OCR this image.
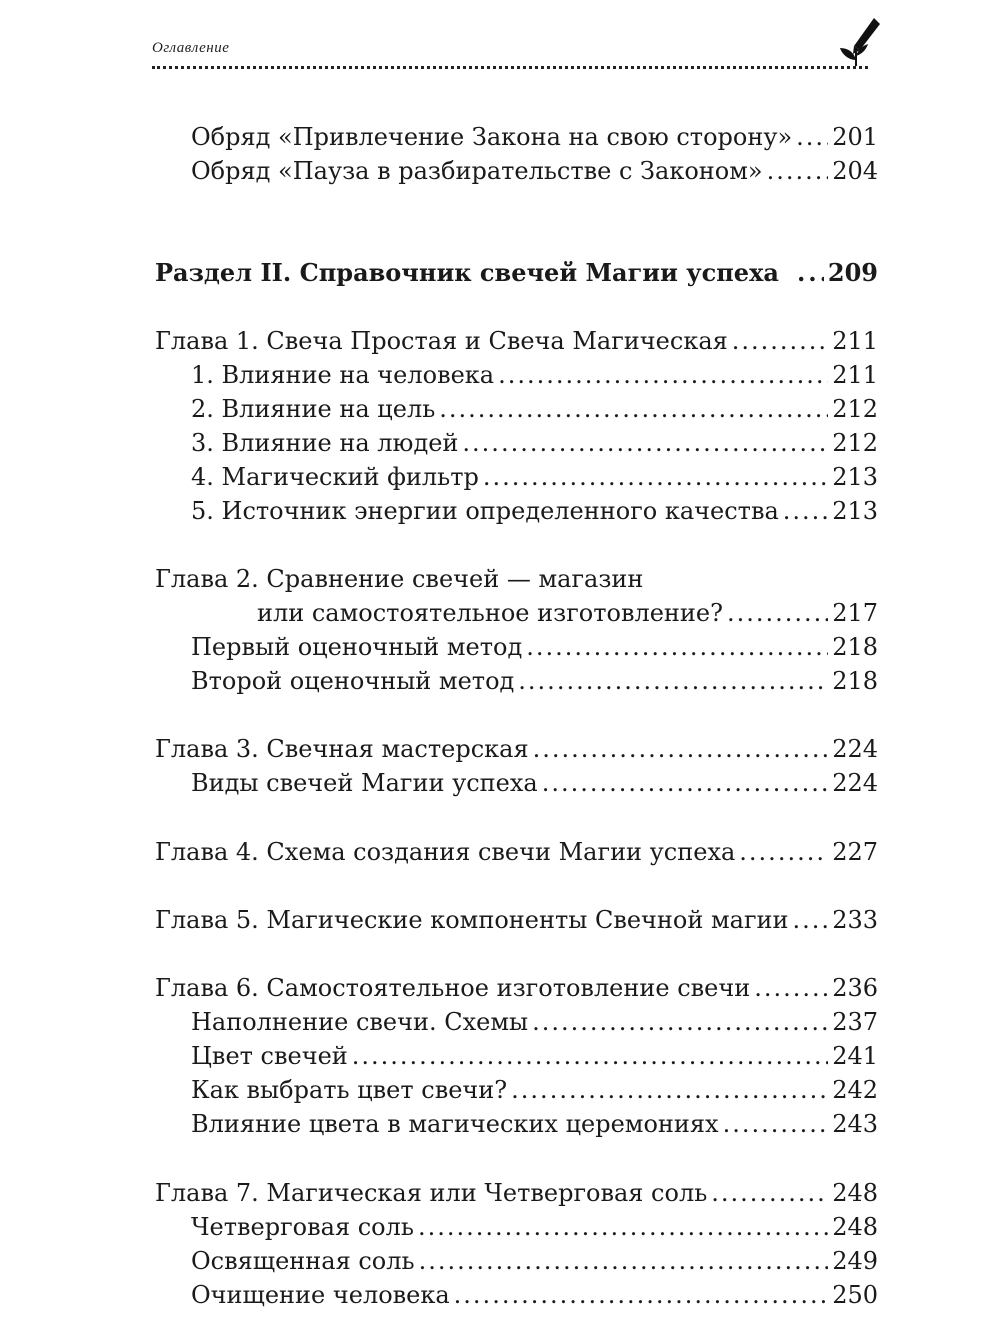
Оглавление
Обряд «Привлечение Закона на свою сторону» ..... 201
Обряд «Пауза в разбирательстве с Законом» .....	204
Раздел II. Справочник свечей Магии успеха ..... 209
Глава 1. Свеча Простая и Свеча Магическая .....	211
1. Влияние на человека .....	211
2. Влияние на цель .....	212
3. Влияние на людей .....	212
4. Магический фильтр .....	213
5. Источник энергии определенного качества ..... 213
Глава 2. Сравнение свечей — магазин
или самостоятельное изготовление? .....	217
Первый оценочный метод .....	218
Второй оценочный метод .....	218
Глава 3. Свечная мастерская .....	224
Виды свечей Магии успеха .....	224
Глава 4. Схема создания свечи Магии успеха .....	227
Глава 5. Магические компоненты Свечной магии ..... 233
Глава 6. Самостоятельное изготовление свечи .....	236
Наполнение свечи. Схемы .....	237
Цвет свечей .....	241
Как выбрать цвет свечи? .....	242
Влияние цвета в магических церемониях .....	243
Глава 7. Магическая или Четверговая соль .....	248
Четверговая соль .....	248
Освященная соль .....	249
Очищение человека .....	250
